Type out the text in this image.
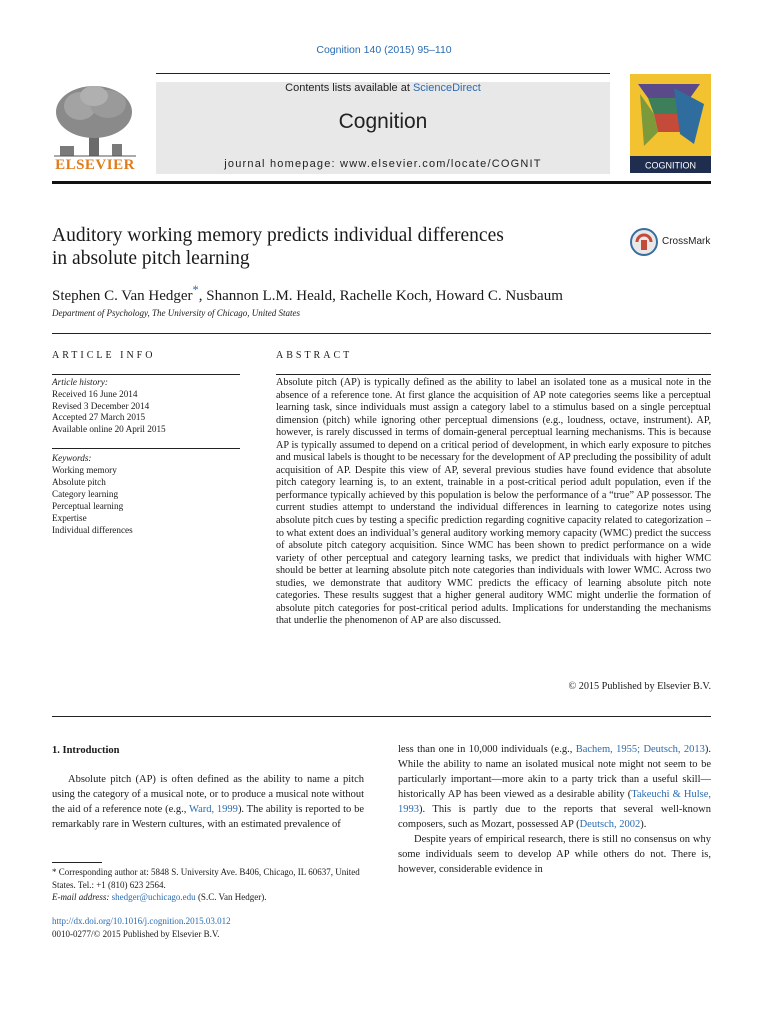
Cognition 140 (2015) 95–110
ELSEVIER
Contents lists available at ScienceDirect
Cognition
journal homepage: www.elsevier.com/locate/COGNIT	COGNITION
Auditory working memory predicts individual differences
in absolute pitch learning
CrossMark
Stephen C. Van Hedger*, Shannon L.M. Heald, Rachelle Koch, Howard C. Nusbaum
Department of Psychology, The University of Chicago, United States
ARTICLE INFO
Article history:
Received 16 June 2014
Revised 3 December 2014
Accepted 27 March 2015
Available online 20 April 2015
Keywords:
Working memory
Absolute pitch
Category learning
Perceptual learning
Expertise
Individual differences
ABSTRACT
Absolute pitch (AP) is typically defined as the ability to label an isolated tone as a musical note in the absence of a reference tone. At first glance the acquisition of AP note categories seems like a perceptual learning task, since individuals must assign a category label to a stimulus based on a single perceptual dimension (pitch) while ignoring other perceptual dimensions (e.g., loudness, octave, instrument). AP, however, is rarely discussed in terms of domain-general perceptual learning mechanisms. This is because AP is typically assumed to depend on a critical period of development, in which early exposure to pitches and musical labels is thought to be necessary for the development of AP precluding the possibility of adult acquisition of AP. Despite this view of AP, several previous studies have found evidence that absolute pitch category learning is, to an extent, trainable in a post-critical period adult population, even if the performance typically achieved by this population is below the performance of a “true” AP possessor. The current studies attempt to understand the individual differences in learning to categorize notes using absolute pitch cues by testing a specific prediction regarding cognitive capacity related to categorization – to what extent does an individual’s general auditory working memory capacity (WMC) predict the success of absolute pitch category acquisition. Since WMC has been shown to predict performance on a wide variety of other perceptual and category learning tasks, we predict that individuals with higher WMC should be better at learning absolute pitch note categories than individuals with lower WMC. Across two studies, we demonstrate that auditory WMC predicts the efficacy of learning absolute pitch note categories. These results suggest that a higher general auditory WMC might underlie the formation of absolute pitch categories for post-critical period adults. Implications for understanding the mechanisms that underlie the phenomenon of AP are also discussed.
© 2015 Published by Elsevier B.V.
1. Introduction
Absolute pitch (AP) is often defined as the ability to name a pitch using the category of a musical note, or to produce a musical note without the aid of a reference note (e.g., Ward, 1999). The ability is reported to be remarkably rare in Western cultures, with an estimated prevalence of
less than one in 10,000 individuals (e.g., Bachem, 1955; Deutsch, 2013). While the ability to name an isolated musical note might not seem to be particularly important—more akin to a party trick than a useful skill— historically AP has been viewed as a desirable ability (Takeuchi & Hulse, 1993). This is partly due to the reports that several well-known composers, such as Mozart, possessed AP (Deutsch, 2002).
Despite years of empirical research, there is still no consensus on why some individuals seem to develop AP while others do not. There is, however, considerable evidence in
* Corresponding author at: 5848 S. University Ave. B406, Chicago, IL 60637, United States. Tel.: +1 (810) 623 2564.
E-mail address: shedger@uchicago.edu (S.C. Van Hedger).
http://dx.doi.org/10.1016/j.cognition.2015.03.012
0010-0277/© 2015 Published by Elsevier B.V.
